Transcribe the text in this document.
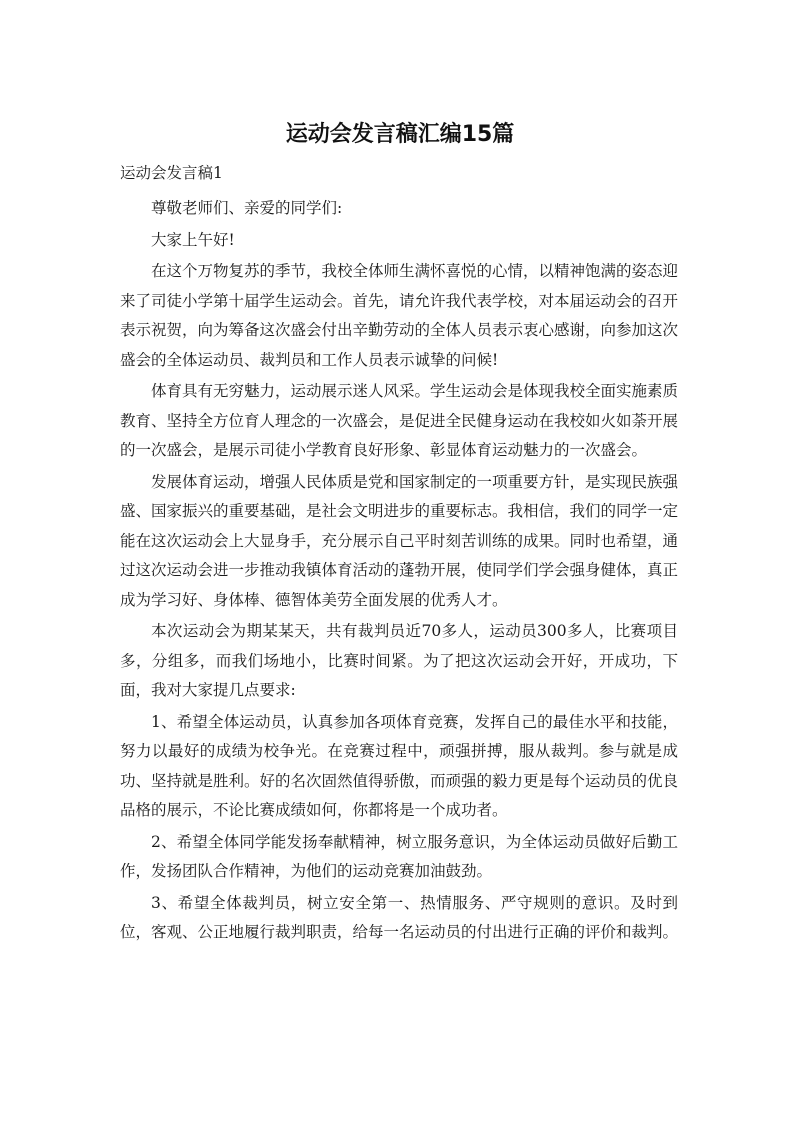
运动会发言稿汇编15篇
运动会发言稿1

尊敬老师们、亲爱的同学们:

大家上午好!

在这个万物复苏的季节，我校全体师生满怀喜悦的心情，以精神饱满的姿态迎来了司徒小学第十届学生运动会。首先，请允许我代表学校，对本届运动会的召开表示祝贺，向为筹备这次盛会付出辛勤劳动的全体人员表示衷心感谢，向参加这次盛会的全体运动员、裁判员和工作人员表示诚挚的问候!

体育具有无穷魅力，运动展示迷人风采。学生运动会是体现我校全面实施素质教育、坚持全方位育人理念的一次盛会，是促进全民健身运动在我校如火如荼开展的一次盛会，是展示司徒小学教育良好形象、彰显体育运动魅力的一次盛会。

发展体育运动，增强人民体质是党和国家制定的一项重要方针，是实现民族强盛、国家振兴的重要基础，是社会文明进步的重要标志。我相信，我们的同学一定能在这次运动会上大显身手，充分展示自己平时刻苦训练的成果。同时也希望，通过这次运动会进一步推动我镇体育活动的蓬勃开展，使同学们学会强身健体，真正成为学习好、身体棒、德智体美劳全面发展的优秀人才。

本次运动会为期某某天，共有裁判员近70多人，运动员300多人，比赛项目多，分组多，而我们场地小，比赛时间紧。为了把这次运动会开好，开成功，下面，我对大家提几点要求:

1、希望全体运动员，认真参加各项体育竞赛，发挥自己的最佳水平和技能，努力以最好的成绩为校争光。在竞赛过程中，顽强拼搏，服从裁判。参与就是成功、坚持就是胜利。好的名次固然值得骄傲，而顽强的毅力更是每个运动员的优良品格的展示，不论比赛成绩如何，你都将是一个成功者。

2、希望全体同学能发扬奉献精神，树立服务意识，为全体运动员做好后勤工作，发扬团队合作精神，为他们的运动竞赛加油鼓劲。

3、希望全体裁判员，树立安全第一、热情服务、严守规则的意识。及时到位，客观、公正地履行裁判职责，给每一名运动员的付出进行正确的评价和裁判。
